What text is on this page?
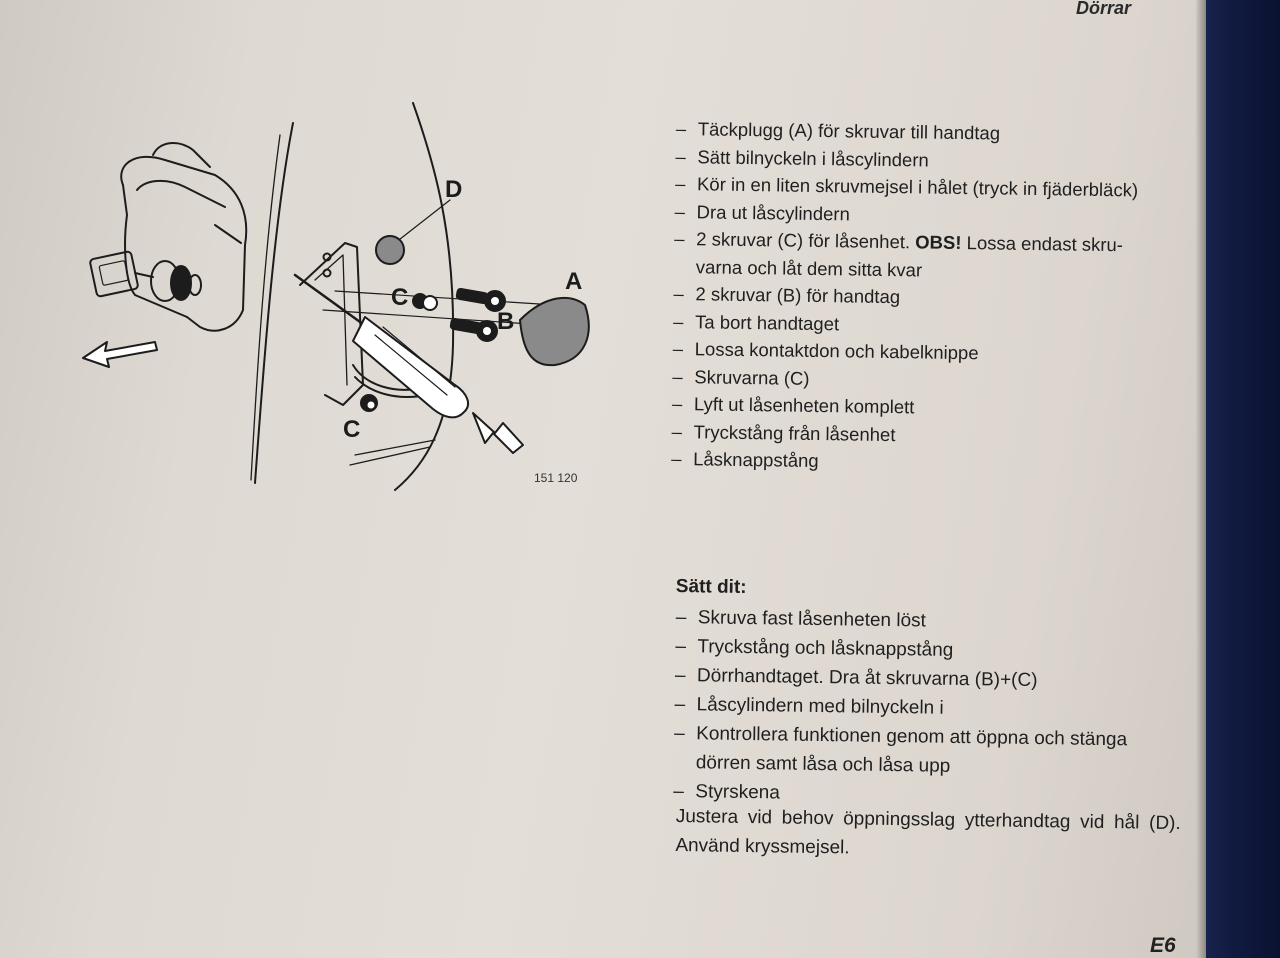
Dörrar
D
A
B
C
C
151 120
– Täckplugg (A) för skruvar till handtag
– Sätt bilnyckeln i låscylindern
– Kör in en liten skruvmejsel i hålet (tryck in fjäderbläck)
– Dra ut låscylindern
– 2 skruvar (C) för låsenhet. OBS! Lossa endast skru-varna och låt dem sitta kvar
– 2 skruvar (B) för handtag
– Ta bort handtaget
– Lossa kontaktdon och kabelknippe
– Skruvarna (C)
– Lyft ut låsenheten komplett
– Tryckstång från låsenhet
– Låsknappstång
Sätt dit:
– Skruva fast låsenheten löst
– Tryckstång och låsknappstång
– Dörrhandtaget. Dra åt skruvarna (B)+(C)
– Låscylindern med bilnyckeln i
– Kontrollera funktionen genom att öppna och stänga dörren samt låsa och låsa upp
– Styrskena
Justera vid behov öppningsslag ytterhandtag vid hål (D). Använd kryssmejsel.
E6
